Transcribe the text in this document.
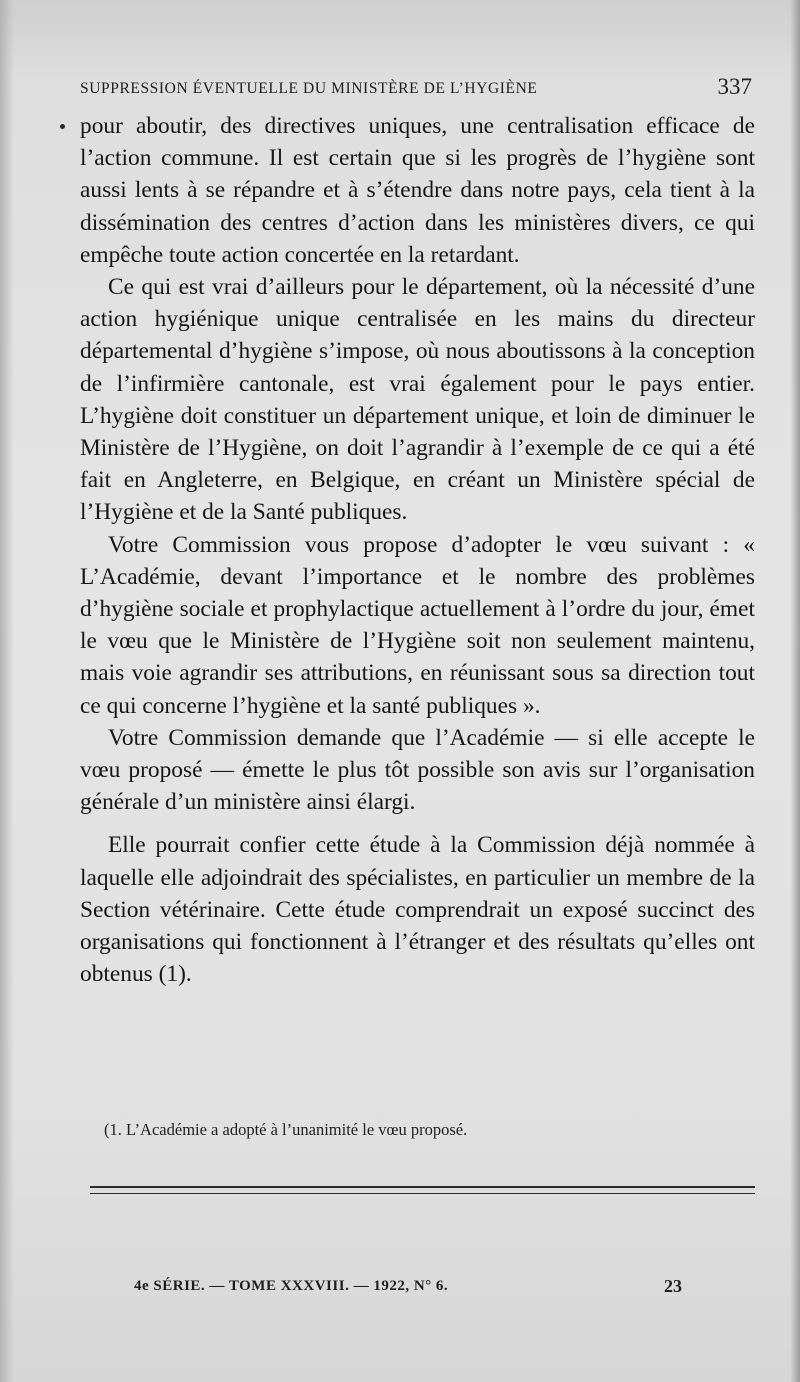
SUPPRESSION ÉVENTUELLE DU MINISTÈRE DE L’HYGIÈNE	337

pour aboutir, des directives uniques, une centralisation efficace de l’action commune. Il est certain que si les progrès de l’hygiène sont aussi lents à se répandre et à s’étendre dans notre pays, cela tient à la dissémination des centres d’action dans les ministères divers, ce qui empêche toute action concertée en la retardant.

Ce qui est vrai d’ailleurs pour le département, où la nécessité d’une action hygiénique unique centralisée en les mains du directeur départemental d’hygiène s’impose, où nous aboutissons à la conception de l’infirmière cantonale, est vrai également pour le pays entier. L’hygiène doit constituer un département unique, et loin de diminuer le Ministère de l’Hygiène, on doit l’agrandir à l’exemple de ce qui a été fait en Angleterre, en Belgique, en créant un Ministère spécial de l’Hygiène et de la Santé publiques.

Votre Commission vous propose d’adopter le vœu suivant : « L’Académie, devant l’importance et le nombre des problèmes d’hygiène sociale et prophylactique actuellement à l’ordre du jour, émet le vœu que le Ministère de l’Hygiène soit non seulement maintenu, mais voie agrandir ses attributions, en réunissant sous sa direction tout ce qui concerne l’hygiène et la santé publiques ».

Votre Commission demande que l’Académie — si elle accepte le vœu proposé — émette le plus tôt possible son avis sur l’organisation générale d’un ministère ainsi élargi.

Elle pourrait confier cette étude à la Commission déjà nommée à laquelle elle adjoindrait des spécialistes, en particulier un membre de la Section vétérinaire. Cette étude comprendrait un exposé succinct des organisations qui fonctionnent à l’étranger et des résultats qu’elles ont obtenus (1).

(1. L’Académie a adopté à l’unanimité le vœu proposé.
4e SÉRIE. — TOME XXXVIII. — 1922, N° 6.	23
